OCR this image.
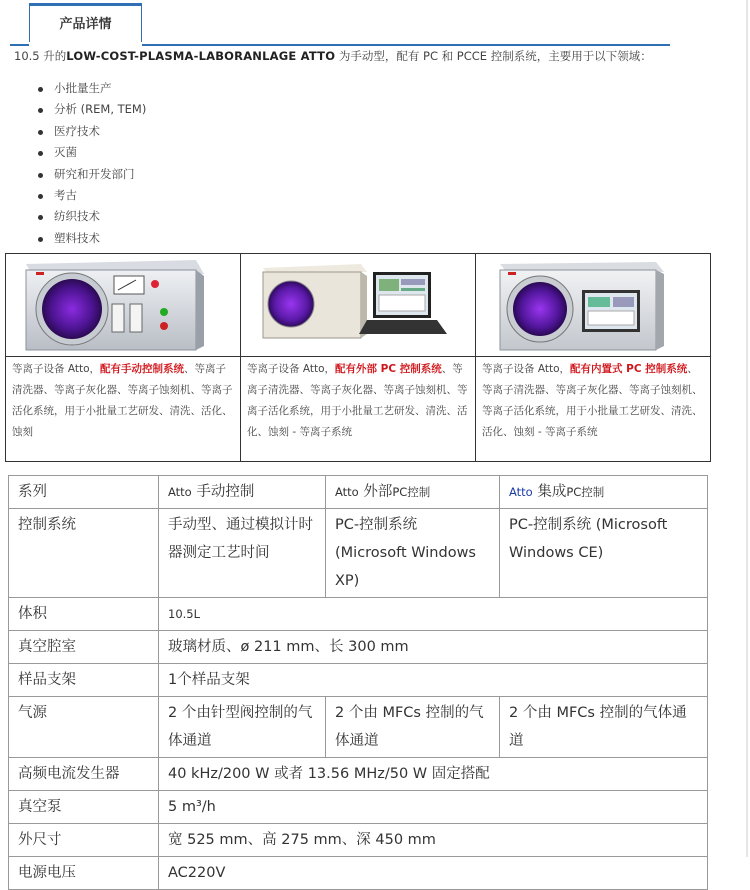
产品详情
10.5 升的LOW-COST-PLASMA-LABORANLAGE ATTO 为手动型，配有 PC 和 PCCE 控制系统，主要用于以下领域：
小批量生产
分析 (REM, TEM)
医疗技术
灭菌
研究和开发部门
考古
纺织技术
塑料技术
等离子设备 Atto，配有手动控制系统、等离子清洗器、等离子灰化器、等离子蚀刻机、等离子活化系统，用于小批量工艺研发、清洗、活化、蚀刻
等离子设备 Atto，配有外部 PC 控制系统、等离子清洗器、等离子灰化器、等离子蚀刻机、等离子活化系统，用于小批量工艺研发、清洗、活化、蚀刻 - 等离子系统
等离子设备 Atto，配有内置式 PC 控制系统、等离子清洗器、等离子灰化器、等离子蚀刻机、等离子活化系统，用于小批量工艺研发、清洗、活化、蚀刻 - 等离子系统
系列	Atto 手动控制	Atto 外部PC控制	Atto 集成PC控制
控制系统	手动型、通过模拟计时器测定工艺时间	PC-控制系统 (Microsoft Windows XP)	PC-控制系统 (Microsoft Windows CE)
体积	10.5L		
真空腔室	玻璃材质、ø 211 mm、长 300 mm		
样品支架	1个样品支架		
气源	2 个由针型阀控制的气体通道	2 个由 MFCs 控制的气体通道	2 个由 MFCs 控制的气体通道
高频电流发生器	40 kHz/200 W 或者 13.56 MHz/50 W 固定搭配		
真空泵	5 m³/h		
外尺寸	宽 525 mm、高 275 mm、深 450 mm		
电源电压	AC220V		
